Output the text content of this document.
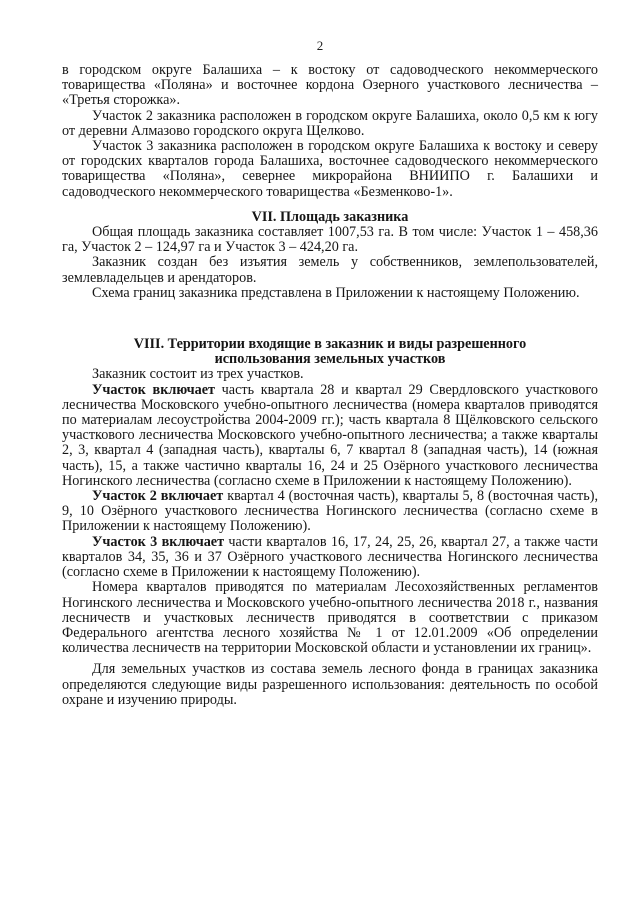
2

в городском округе Балашиха – к востоку от садоводческого некоммерческого товарищества «Поляна» и восточнее кордона Озерного участкового лесничества – «Третья сторожка».

Участок 2 заказника расположен в городском округе Балашиха, около 0,5 км к югу от деревни Алмазово городского округа Щелково.

Участок 3 заказника расположен в городском округе Балашиха к востоку и северу от городских кварталов города Балашиха, восточнее садоводческого некоммерческого товарищества «Поляна», севернее микрорайона ВНИИПО г. Балашихи и садоводческого некоммерческого товарищества «Безменково-1».

VII. Площадь заказника

Общая площадь заказника составляет 1007,53 га. В том числе: Участок 1 – 458,36 га, Участок 2 – 124,97 га и Участок 3 – 424,20 га.

Заказник создан без изъятия земель у собственников, землепользователей, землевладельцев и арендаторов.

Схема границ заказника представлена в Приложении к настоящему Положению.

VIII. Территории входящие в заказник и виды разрешенного
использования земельных участков

Заказник состоит из трех участков.

Участок включает часть квартала 28 и квартал 29 Свердловского участкового лесничества Московского учебно-опытного лесничества (номера кварталов приводятся по материалам лесоустройства 2004-2009 гг.); часть квартала 8 Щёлковского сельского участкового лесничества Московского учебно-опытного лесничества; а также кварталы 2, 3, квартал 4 (западная часть), кварталы 6, 7 квартал 8 (западная часть), 14 (южная часть), 15, а также частично кварталы 16, 24 и 25 Озёрного участкового лесничества Ногинского лесничества (согласно схеме в Приложении к настоящему Положению).

Участок 2 включает квартал 4 (восточная часть), кварталы 5, 8 (восточная часть), 9, 10 Озёрного участкового лесничества Ногинского лесничества (согласно схеме в Приложении к настоящему Положению).

Участок 3 включает части кварталов 16, 17, 24, 25, 26, квартал 27, а также части кварталов 34, 35, 36 и 37 Озёрного участкового лесничества Ногинского лесничества (согласно схеме в Приложении к настоящему Положению).

Номера кварталов приводятся по материалам Лесохозяйственных регламентов Ногинского лесничества и Московского учебно-опытного лесничества 2018 г., названия лесничеств и участковых лесничеств приводятся в соответствии с приказом Федерального агентства лесного хозяйства № 1 от 12.01.2009 «Об определении количества лесничеств на территории Московской области и установлении их границ».

Для земельных участков из состава земель лесного фонда в границах заказника определяются следующие виды разрешенного использования: деятельность по особой охране и изучению природы.
